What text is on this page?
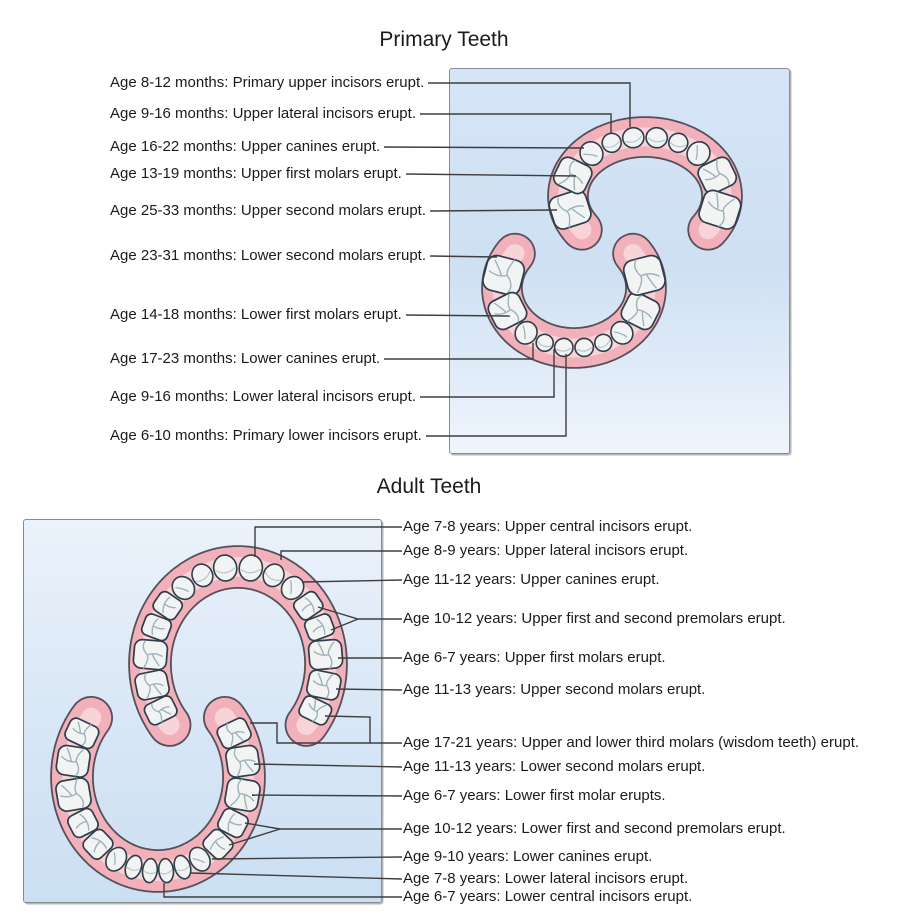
Primary Teeth
Adult Teeth
Age 8-12 months: Primary upper incisors erupt.
Age 9-16 months: Upper lateral incisors erupt.
Age 16-22 months: Upper canines erupt.
Age 13-19 months: Upper first molars erupt.
Age 25-33 months: Upper second molars erupt.
Age 23-31 months: Lower second molars erupt.
Age 14-18 months: Lower first molars erupt.
Age 17-23 months: Lower canines erupt.
Age 9-16 months: Lower lateral incisors erupt.
Age 6-10 months: Primary lower incisors erupt.
Age 7-8 years: Upper central incisors erupt.
Age 8-9 years: Upper lateral incisors erupt.
Age 11-12 years: Upper canines erupt.
Age 10-12 years: Upper first and second premolars erupt.
Age 6-7 years: Upper first molars erupt.
Age 11-13 years: Upper second molars erupt.
Age 17-21 years: Upper and lower third molars (wisdom teeth) erupt.
Age 11-13 years: Lower second molars erupt.
Age 6-7 years: Lower first molar erupts.
Age 10-12 years: Lower first and second premolars erupt.
Age 9-10 years: Lower canines erupt.
Age 7-8 years: Lower lateral incisors erupt.
Age 6-7 years: Lower central incisors erupt.
